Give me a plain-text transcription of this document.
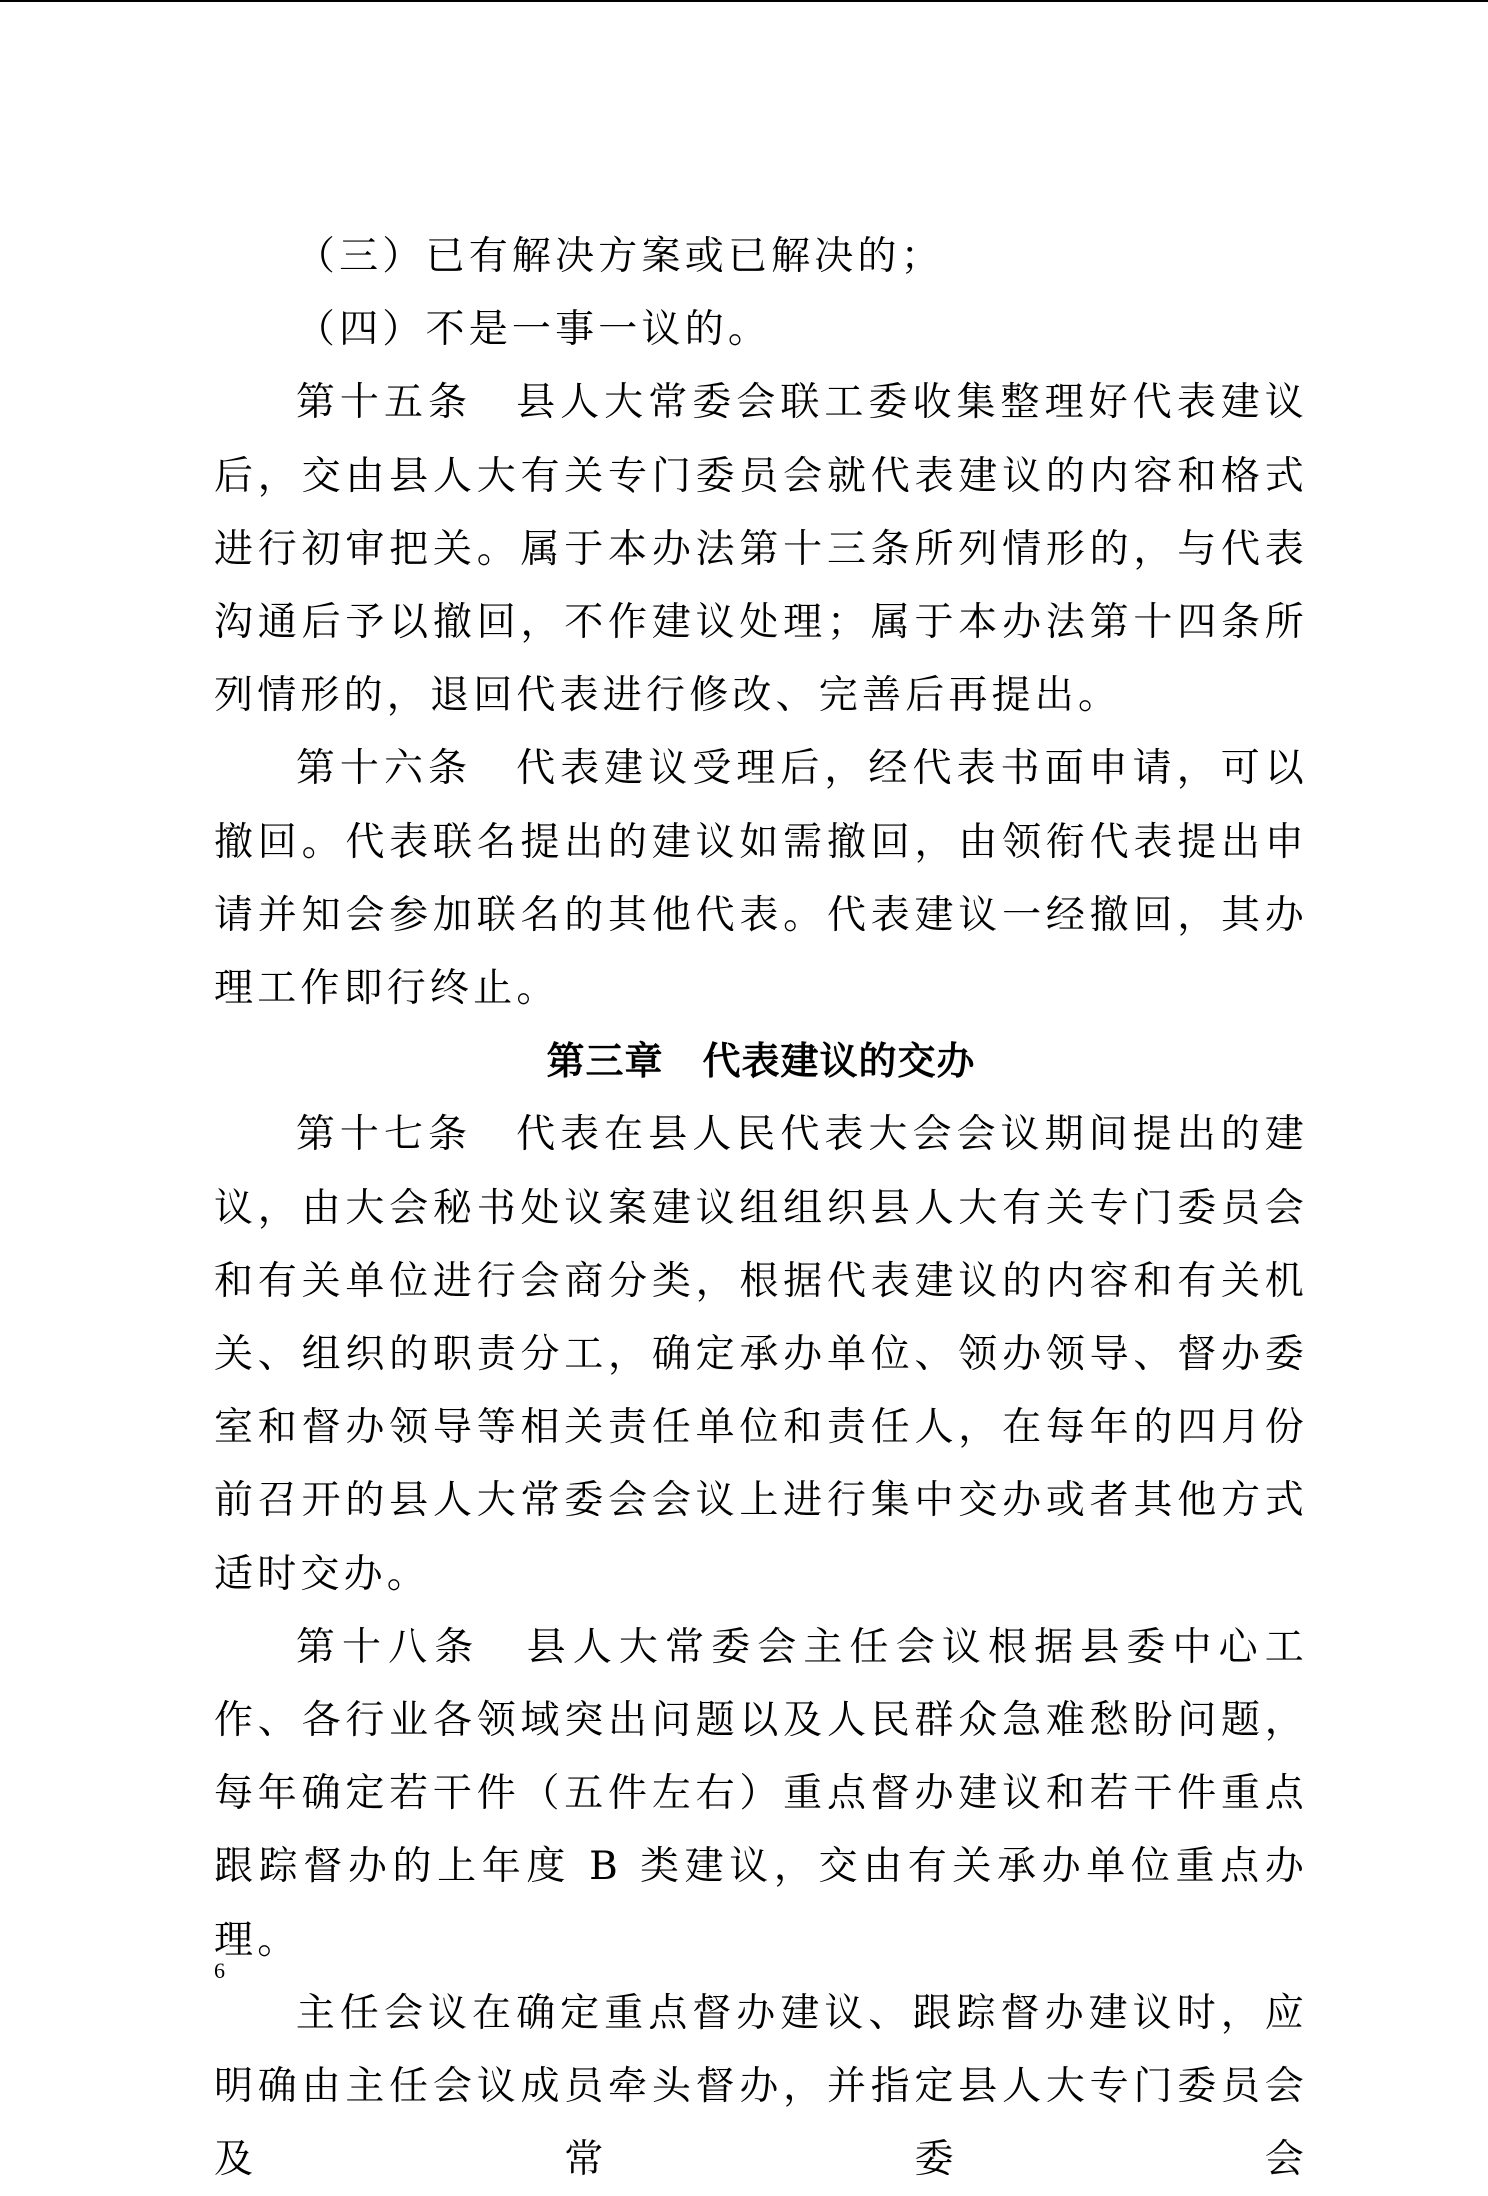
（三）已有解决方案或已解决的；

（四）不是一事一议的。

第十五条　县人大常委会联工委收集整理好代表建议后，交由县人大有关专门委员会就代表建议的内容和格式进行初审把关。属于本办法第十三条所列情形的，与代表沟通后予以撤回，不作建议处理；属于本办法第十四条所列情形的，退回代表进行修改、完善后再提出。

第十六条　代表建议受理后，经代表书面申请，可以撤回。代表联名提出的建议如需撤回，由领衔代表提出申请并知会参加联名的其他代表。代表建议一经撤回，其办理工作即行终止。

第三章　代表建议的交办

第十七条　代表在县人民代表大会会议期间提出的建议，由大会秘书处议案建议组组织县人大有关专门委员会和有关单位进行会商分类，根据代表建议的内容和有关机关、组织的职责分工，确定承办单位、领办领导、督办委室和督办领导等相关责任单位和责任人，在每年的四月份前召开的县人大常委会会议上进行集中交办或者其他方式适时交办。

第十八条　县人大常委会主任会议根据县委中心工作、各行业各领域突出问题以及人民群众急难愁盼问题，每年确定若干件（五件左右）重点督办建议和若干件重点跟踪督办的上年度 B 类建议，交由有关承办单位重点办理。

主任会议在确定重点督办建议、跟踪督办建议时，应明确由主任会议成员牵头督办，并指定县人大专门委员会及常委会

6
